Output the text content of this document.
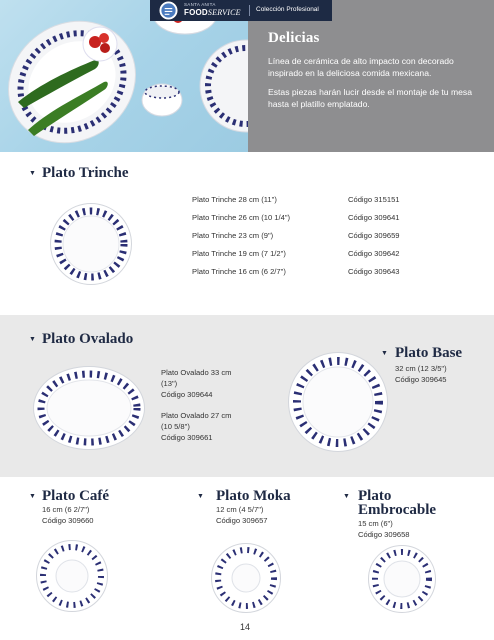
SANTA ANITA
FOODSERVICE Colección Profesional
Delicias
Línea de cerámica de alto impacto con decorado inspirado en la deliciosa comida mexicana.
Estas piezas harán lucir desde el montaje de tu mesa hasta el platillo emplatado.
▼ Plato Trinche
Plato Trinche 28 cm (11")	Código 315151
Plato Trinche 26 cm (10 1/4")	Código 309641
Plato Trinche 23 cm (9")	Código 309659
Plato Trinche 19 cm (7 1/2")	Código 309642
Plato Trinche 16 cm (6 2/7")	Código 309643
▼ Plato Ovalado
Plato Ovalado 33 cm
(13")
Código 309644
Plato Ovalado 27 cm
(10 5/8")
Código 309661
▼ Plato Base
32 cm (12 3/5")
Código 309645
▼ Plato Café
16 cm (6 2/7")
Código 309660
▼ Plato Moka
12 cm (4 5/7")
Código 309657
▼ Plato
Embrocable
15 cm (6")
Código 309658
14
